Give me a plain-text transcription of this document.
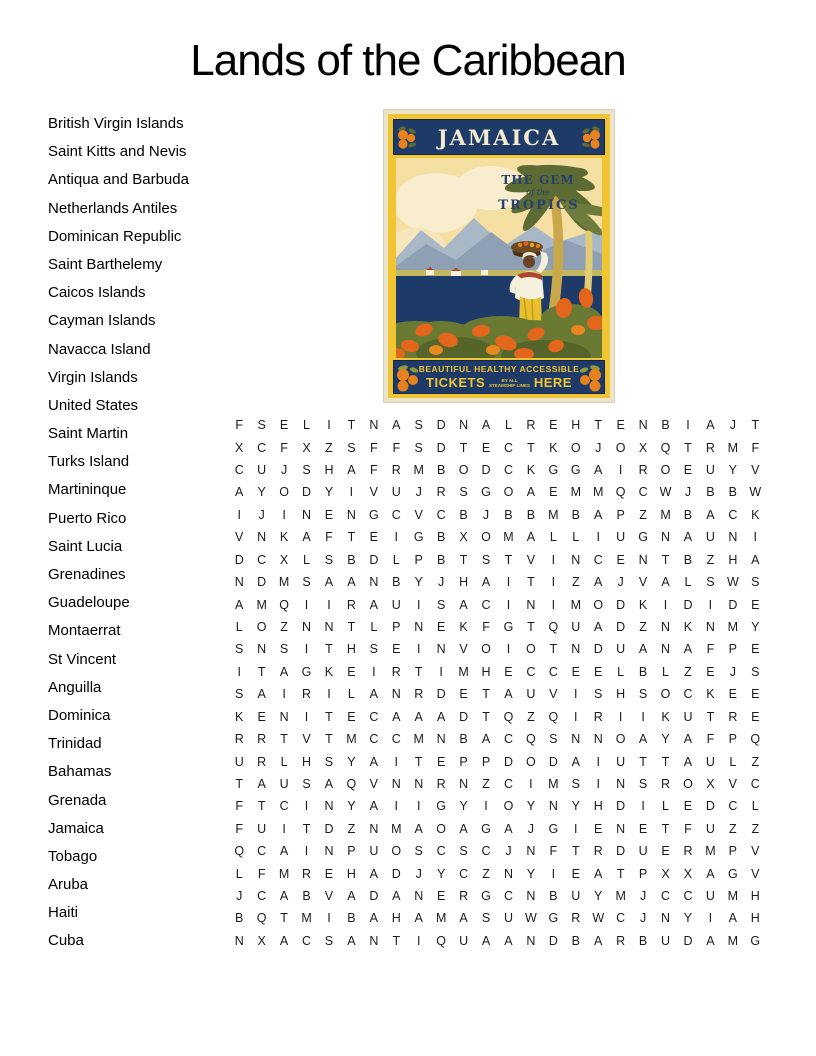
Lands of the Caribbean
British Virgin Islands
Saint Kitts and Nevis
Antiqua and Barbuda
Netherlands Antiles
Dominican Republic
Saint Barthelemy
Caicos Islands
Cayman Islands
Navacca Island
Virgin Islands
United States
Saint Martin
Turks Island
Martininque
Puerto Rico
Saint Lucia
Grenadines
Guadeloupe
Montaerrat
St Vincent
Anguilla
Dominica
Trinidad
Bahamas
Grenada
Jamaica
Tobago
Aruba
Haiti
Cuba
JAMAICA
THE GEM
of the
TROPICS
BEAUTIFUL HEALTHY ACCESSIBLE
TICKETS	BY ALL
STEAMSHIP LINES HERE
F	S	E	L	I	T	N	A	S	D	N	A	L	R	E	H	T	E	N	B	I	A	J	T
X	C	F	X	Z	S	F	F	S	D	T	E	C	T	K	O	J	O	X	Q	T	R	M	F
C	U	J	S	H	A	F	R	M	B	O	D	C	K	G	G	A	I	R	O	E	U	Y	V
A	Y	O	D	Y	I	V	U	J	R	S	G	O	A	E	M M Q	C W	J	B	B W
I	J	I	N	E	N	G	C	V	C	B	J	B	B	M	B	A	P	Z	M	B	A	C	K
V	N	K	A	F	T	E	I	G	B	X	O M	A	L	L	I	U	G	N	A	U	N	I
D	C	X	L	S	B	D	L	P	B	T	S	T	V	I	N	C	E	N	T	B	Z	H	A
N	D	M	S	A	A	N	B	Y	J	H	A	I	T	I	Z	A	J	V	A	L	S W S
A	M Q	I	I	R	A	U	I	S	A	C	I	N	I	M O	D	K	I	D	I	D	E
L	O	Z	N	N	T	L	P	N	E	K	F	G	T	Q	U	A	D	Z	N	K	N	M	Y
S	N	S	I	T	H	S	E	I	N	V	O	I	O	T	N	D	U	A	N	A	F	P	E
I	T	A	G	K	E	I	R	T	I	M	H	E	C	C	E	E	L	B	L	Z	E	J	S
S	A	I	R	I	L	A	N	R	D	E	T	A	U	V	I	S	H	S	O	C	K	E	E
K	E	N	I	T	E	C	A	A	A	D	T	Q	Z	Q	I	R	I	I	K	U	T	R	E
R	R	T	V	T	M	C	C	M	N	B	A	C	Q	S	N	N	O	A	Y	A	F	P	Q
U	R	L	H	S	Y	A	I	T	E	P	P	D	O	D	A	I	U	T	T	A	U	L	Z
T	A	U	S	A	Q	V	N	N	R	N	Z	C	I	M	S	I	N	S	R	O	X	V	C
F	T	C	I	N	Y	A	I	I	G	Y	I	O	Y	N	Y	H	D	I	L	E	D	C	L
F	U	I	T	D	Z	N	M	A	O	A	G	A	J	G	I	E	N	E	T	F	U	Z	Z
Q	C	A	I	N	P	U	O	S	C	S	C	J	N	F	T	R	D	U	E	R	M	P	V
L	F	M	R	E	H	A	D	J	Y	C	Z	N	Y	I	E	A	T	P	X	X	A	G	V
J	C	A	B	V	A	D	A	N	E	R	G	C	N	B	U	Y	M	J	C	C	U	M	H
B	Q	T	M	I	B	A	H	A	M	A	S	U W G	R W C	J	N	Y	I	A	H
N	X	A	C	S	A	N	T	I	Q	U	A	A	N	D	B	A	R	B	U	D	A	M G
